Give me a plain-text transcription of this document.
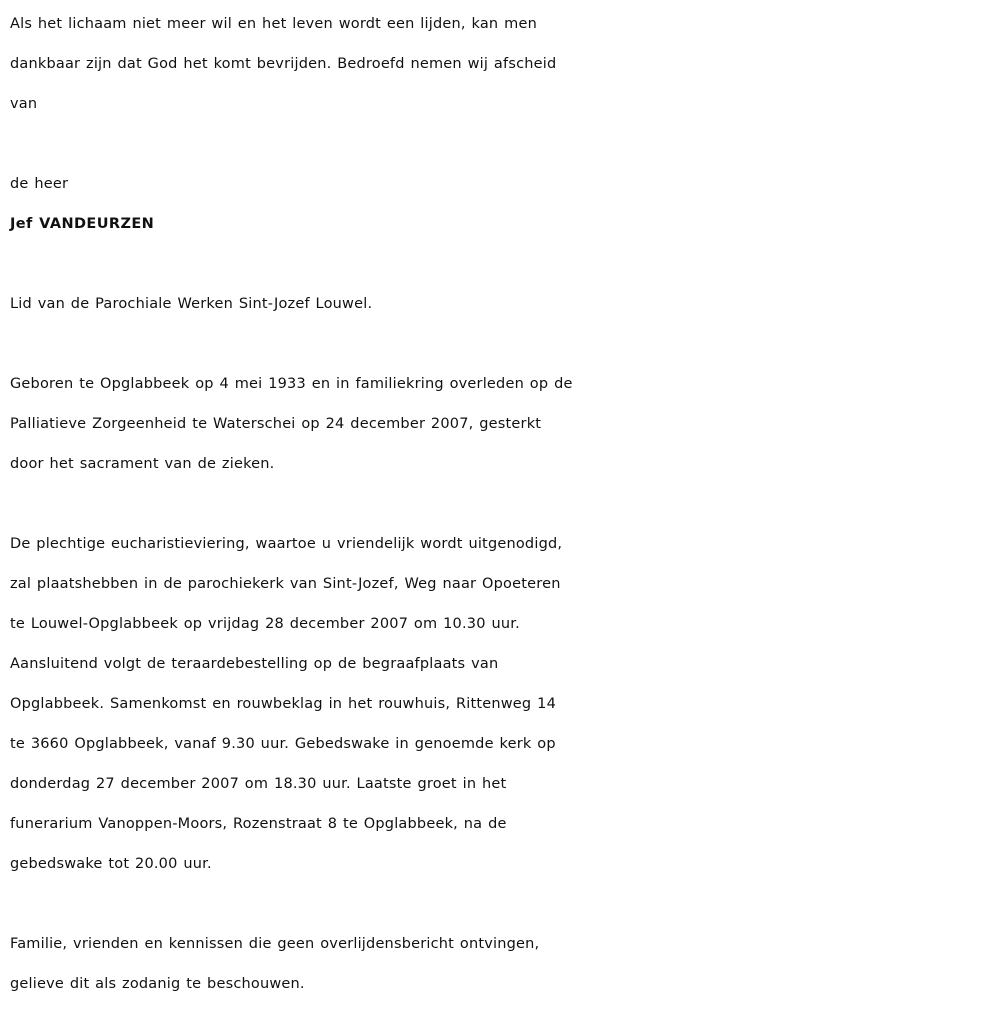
Als het lichaam niet meer wil en het leven wordt een lijden, kan men
dankbaar zijn dat God het komt bevrijden. Bedroefd nemen wij afscheid
van

de heer

Jef VANDEURZEN

Lid van de Parochiale Werken Sint-Jozef Louwel.

Geboren te Opglabbeek op 4 mei 1933 en in familiekring overleden op de
Palliatieve Zorgeenheid te Waterschei op 24 december 2007, gesterkt
door het sacrament van de zieken.

De plechtige eucharistieviering, waartoe u vriendelijk wordt uitgenodigd,
zal plaatshebben in de parochiekerk van Sint-Jozef, Weg naar Opoeteren
te Louwel-Opglabbeek op vrijdag 28 december 2007 om 10.30 uur.
Aansluitend volgt de teraardebestelling op de begraafplaats van
Opglabbeek. Samenkomst en rouwbeklag in het rouwhuis, Rittenweg 14
te 3660 Opglabbeek, vanaf 9.30 uur. Gebedswake in genoemde kerk op
donderdag 27 december 2007 om 18.30 uur. Laatste groet in het
funerarium Vanoppen-Moors, Rozenstraat 8 te Opglabbeek, na de
gebedswake tot 20.00 uur.

Familie, vrienden en kennissen die geen overlijdensbericht ontvingen,
gelieve dit als zodanig te beschouwen.
